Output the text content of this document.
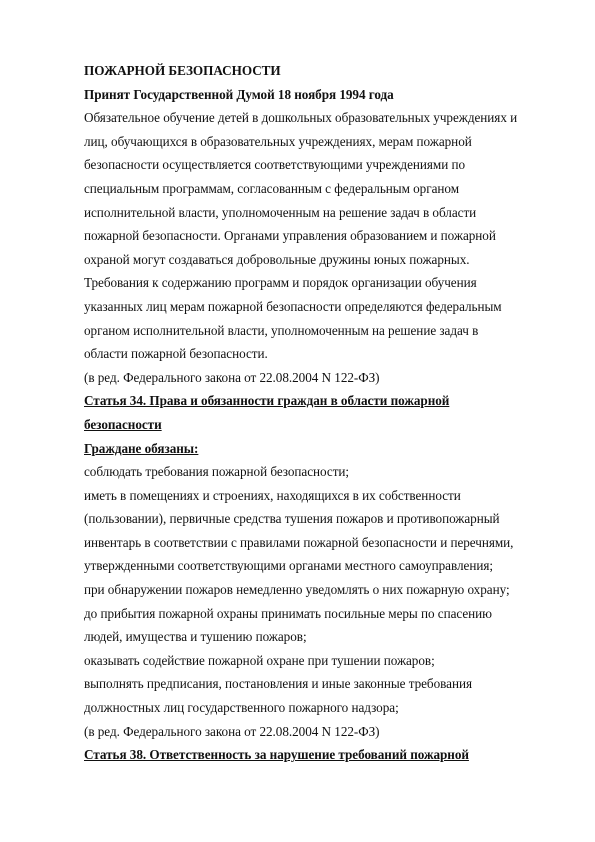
ПОЖАРНОЙ БЕЗОПАСНОСТИ
Принят Государственной Думой 18 ноября 1994 года
Обязательное обучение детей в дошкольных образовательных учреждениях и
лиц, обучающихся в образовательных учреждениях, мерам пожарной
безопасности осуществляется соответствующими учреждениями по
специальным программам, согласованным с федеральным органом
исполнительной власти, уполномоченным на решение задач в области
пожарной безопасности. Органами управления образованием и пожарной
охраной могут создаваться добровольные дружины юных пожарных.
Требования к содержанию программ и порядок организации обучения
указанных лиц мерам пожарной безопасности определяются федеральным
органом исполнительной власти, уполномоченным на решение задач в
области пожарной безопасности.
(в ред. Федерального закона от 22.08.2004 N 122-ФЗ)
Статья 34. Права и обязанности граждан в области пожарной
безопасности
Граждане обязаны:
соблюдать требования пожарной безопасности;
иметь в помещениях и строениях, находящихся в их собственности
(пользовании), первичные средства тушения пожаров и противопожарный
инвентарь в соответствии с правилами пожарной безопасности и перечнями,
утвержденными соответствующими органами местного самоуправления;
при обнаружении пожаров немедленно уведомлять о них пожарную охрану;
до прибытия пожарной охраны принимать посильные меры по спасению
людей, имущества и тушению пожаров;
оказывать содействие пожарной охране при тушении пожаров;
выполнять предписания, постановления и иные законные требования
должностных лиц государственного пожарного надзора;
(в ред. Федерального закона от 22.08.2004 N 122-ФЗ)
Статья 38. Ответственность за нарушение требований пожарной
